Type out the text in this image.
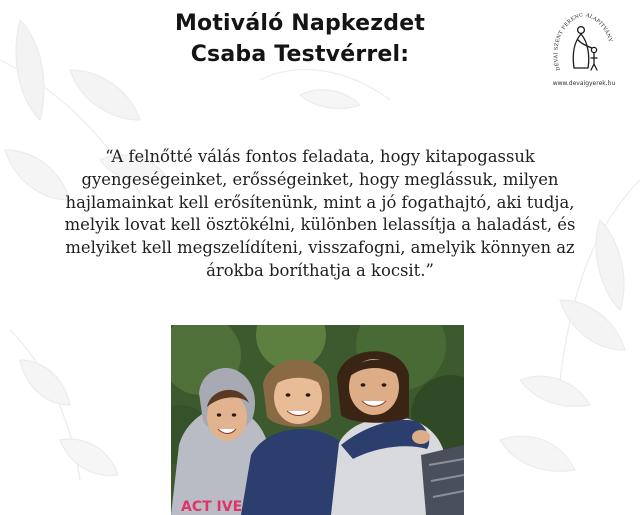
Motiváló Napkezdet
Csaba Testvérrel:
DÉVAI SZENT FERENC ALAPÍTVÁNY
www.devaigyerek.hu
“A felnőtté válás fontos feladata, hogy kitapogassuk
gyengeségeinket, erősségeinket, hogy meglássuk, milyen
hajlamainkat kell erősítenünk, mint a jó fogathajtó, aki tudja,
melyik lovat kell ösztökélni, különben lelassítja a haladást, és
melyiket kell megszelídíteni, visszafogni, amelyik könnyen az
árokba boríthatja a kocsit.”
ACT IVE
